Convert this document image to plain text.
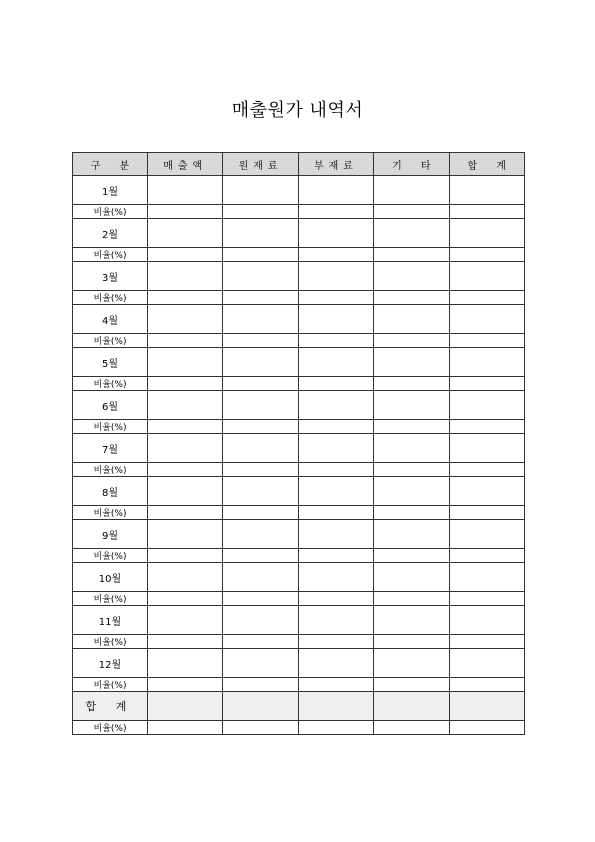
매출원가 내역서
구      분	매출액	원재료	부재료	기      타	합      계
1월					
비율(%)					
2월					
비율(%)					
3월					
비율(%)					
4월					
비율(%)					
5월					
비율(%)					
6월					
비율(%)					
7월					
비율(%)					
8월					
비율(%)					
9월					
비율(%)					
10월					
비율(%)					
11월					
비율(%)					
12월					
비율(%)					
합 계					
비율(%)					
